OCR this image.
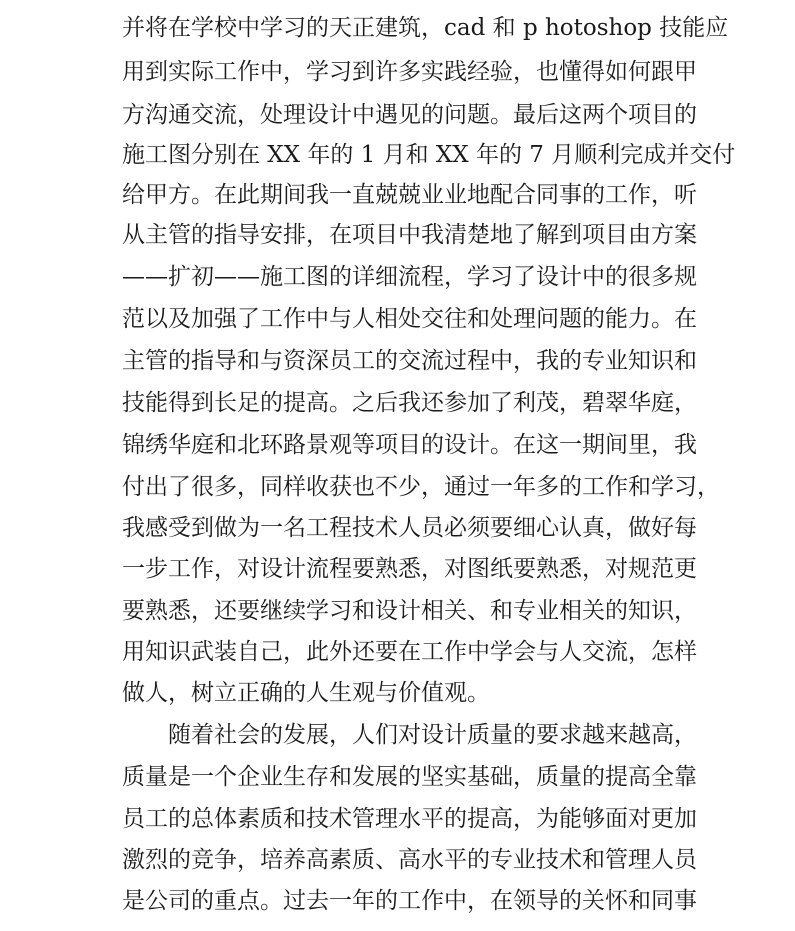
并将在学校中学习的天正建筑，cad 和 p hotoshop 技能应
用到实际工作中，学习到许多实践经验，也懂得如何跟甲
方沟通交流，处理设计中遇见的问题。最后这两个项目的
施工图分别在 XX 年的 1 月和 XX 年的 7 月顺利完成并交付
给甲方。在此期间我一直兢兢业业地配合同事的工作，听
从主管的指导安排，在项目中我清楚地了解到项目由方案
——扩初——施工图的详细流程，学习了设计中的很多规
范以及加强了工作中与人相处交往和处理问题的能力。在
主管的指导和与资深员工的交流过程中，我的专业知识和
技能得到长足的提高。之后我还参加了利茂，碧翠华庭，
锦绣华庭和北环路景观等项目的设计。在这一期间里，我
付出了很多，同样收获也不少，通过一年多的工作和学习，
我感受到做为一名工程技术人员必须要细心认真，做好每
一步工作，对设计流程要熟悉，对图纸要熟悉，对规范更
要熟悉，还要继续学习和设计相关、和专业相关的知识，
用知识武装自己，此外还要在工作中学会与人交流，怎样
做人，树立正确的人生观与价值观。
随着社会的发展，人们对设计质量的要求越来越高，
质量是一个企业生存和发展的坚实基础，质量的提高全靠
员工的总体素质和技术管理水平的提高，为能够面对更加
激烈的竞争，培养高素质、高水平的专业技术和管理人员
是公司的重点。过去一年的工作中，在领导的关怀和同事
